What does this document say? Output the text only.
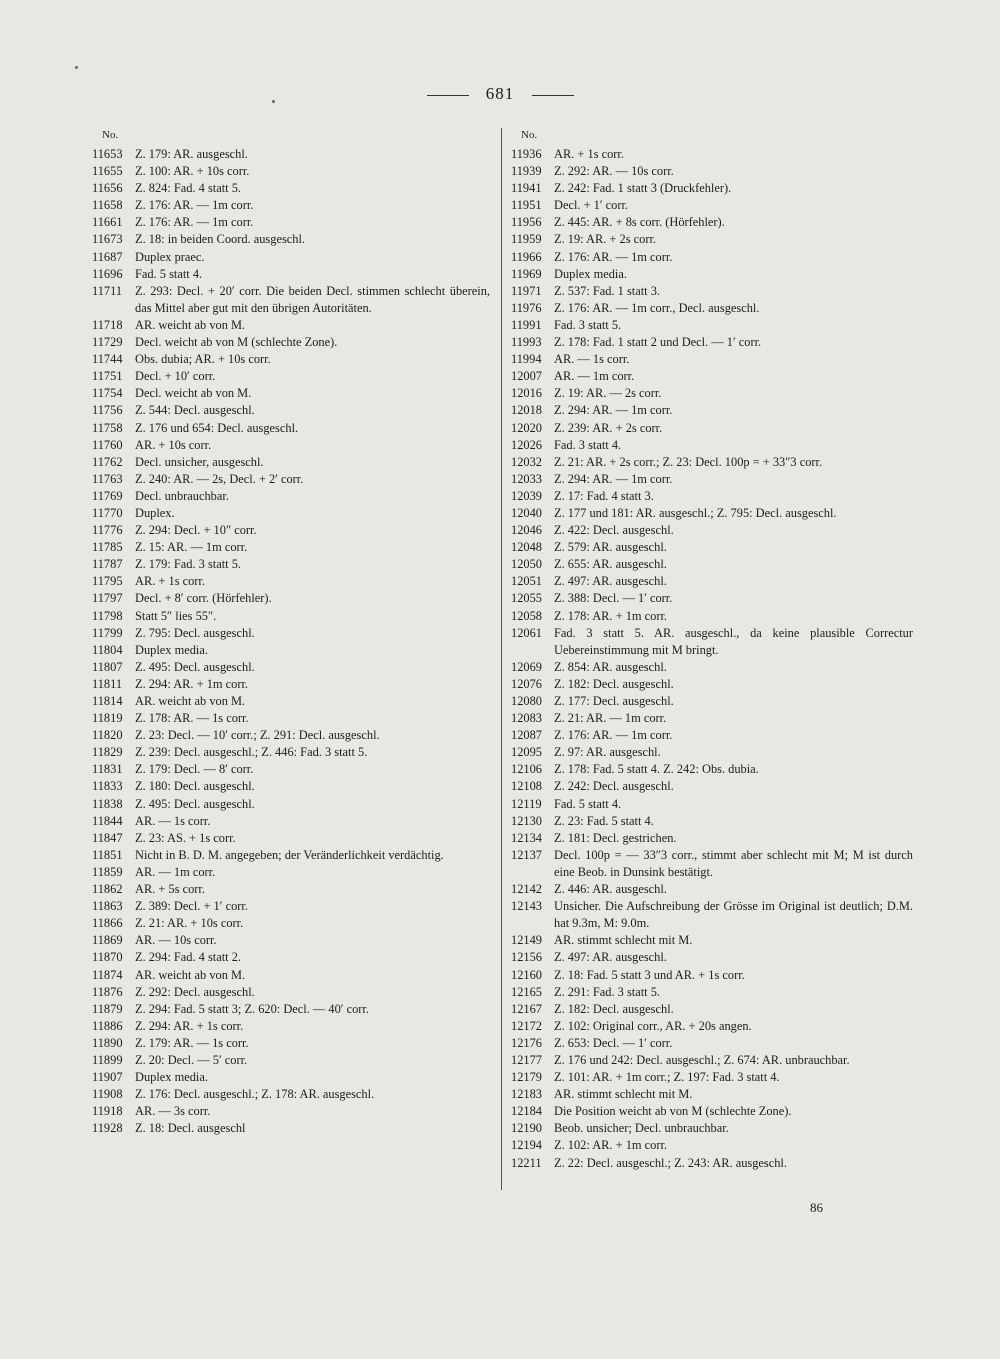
681
No.
11653	Z. 179: AR. ausgeschl.
11655	Z. 100: AR. + 10s corr.
11656	Z. 824: Fad. 4 statt 5.
11658	Z. 176: AR. — 1m corr.
11661	Z. 176: AR. — 1m corr.
11673	Z. 18: in beiden Coord. ausgeschl.
11687	Duplex praec.
11696	Fad. 5 statt 4.
11711	Z. 293: Decl. + 20′ corr. Die beiden Decl. stimmen schlecht überein, das Mittel aber gut mit den übrigen Autoritäten.
11718	AR. weicht ab von M.
11729	Decl. weicht ab von M (schlechte Zone).
11744	Obs. dubia; AR. + 10s corr.
11751	Decl. + 10′ corr.
11754	Decl. weicht ab von M.
11756	Z. 544: Decl. ausgeschl.
11758	Z. 176 und 654: Decl. ausgeschl.
11760	AR. + 10s corr.
11762	Decl. unsicher, ausgeschl.
11763	Z. 240: AR. — 2s, Decl. + 2′ corr.
11769	Decl. unbrauchbar.
11770	Duplex.
11776	Z. 294: Decl. + 10″ corr.
11785	Z. 15: AR. — 1m corr.
11787	Z. 179: Fad. 3 statt 5.
11795	AR. + 1s corr.
11797	Decl. + 8′ corr. (Hörfehler).
11798	Statt 5″ lies 55″.
11799	Z. 795: Decl. ausgeschl.
11804	Duplex media.
11807	Z. 495: Decl. ausgeschl.
11811	Z. 294: AR. + 1m corr.
11814	AR. weicht ab von M.
11819	Z. 178: AR. — 1s corr.
11820	Z. 23: Decl. — 10′ corr.; Z. 291: Decl. ausgeschl.
11829	Z. 239: Decl. ausgeschl.; Z. 446: Fad. 3 statt 5.
11831	Z. 179: Decl. — 8′ corr.
11833	Z. 180: Decl. ausgeschl.
11838	Z. 495: Decl. ausgeschl.
11844	AR. — 1s corr.
11847	Z. 23: AS. + 1s corr.
11851	Nicht in B. D. M. angegeben; der Veränderlichkeit verdächtig.
11859	AR. — 1m corr.
11862	AR. + 5s corr.
11863	Z. 389: Decl. + 1′ corr.
11866	Z. 21: AR. + 10s corr.
11869	AR. — 10s corr.
11870	Z. 294: Fad. 4 statt 2.
11874	AR. weicht ab von M.
11876	Z. 292: Decl. ausgeschl.
11879	Z. 294: Fad. 5 statt 3; Z. 620: Decl. — 40′ corr.
11886	Z. 294: AR. + 1s corr.
11890	Z. 179: AR. — 1s corr.
11899	Z. 20: Decl. — 5′ corr.
11907	Duplex media.
11908	Z. 176: Decl. ausgeschl.; Z. 178: AR. ausgeschl.
11918	AR. — 3s corr.
11928	Z. 18: Decl. ausgeschl
No.
11936	AR. + 1s corr.
11939	Z. 292: AR. — 10s corr.
11941	Z. 242: Fad. 1 statt 3 (Druckfehler).
11951	Decl. + 1′ corr.
11956	Z. 445: AR. + 8s corr. (Hörfehler).
11959	Z. 19: AR. + 2s corr.
11966	Z. 176: AR. — 1m corr.
11969	Duplex media.
11971	Z. 537: Fad. 1 statt 3.
11976	Z. 176: AR. — 1m corr., Decl. ausgeschl.
11991	Fad. 3 statt 5.
11993	Z. 178: Fad. 1 statt 2 und Decl. — 1′ corr.
11994	AR. — 1s corr.
12007 AR. — 1m corr.
12016 Z. 19: AR. — 2s corr.
12018 Z. 294: AR. — 1m corr.
12020 Z. 239: AR. + 2s corr.
12026 Fad. 3 statt 4.
12032 Z. 21: AR. + 2s corr.; Z. 23: Decl. 100p = + 33″3 corr.
12033 Z. 294: AR. — 1m corr.
12039 Z. 17: Fad. 4 statt 3.
12040 Z. 177 und 181: AR. ausgeschl.; Z. 795: Decl. ausgeschl.
12046 Z. 422: Decl. ausgeschl.
12048 Z. 579: AR. ausgeschl.
12050 Z. 655: AR. ausgeschl.
12051 Z. 497: AR. ausgeschl.
12055 Z. 388: Decl. — 1′ corr.
12058 Z. 178: AR. + 1m corr.
12061 Fad. 3 statt 5. AR. ausgeschl., da keine plausible Correctur Uebereinstimmung mit M bringt.
12069 Z. 854: AR. ausgeschl.
12076 Z. 182: Decl. ausgeschl.
12080 Z. 177: Decl. ausgeschl.
12083 Z. 21: AR. — 1m corr.
12087 Z. 176: AR. — 1m corr.
12095 Z. 97: AR. ausgeschl.
12106 Z. 178: Fad. 5 statt 4. Z. 242: Obs. dubia.
12108 Z. 242: Decl. ausgeschl.
12119	Fad. 5 statt 4.
12130 Z. 23: Fad. 5 statt 4.
12134 Z. 181: Decl. gestrichen.
12137 Decl. 100p = — 33″3 corr., stimmt aber schlecht mit M; M ist durch eine Beob. in Dunsink bestätigt.
12142 Z. 446: AR. ausgeschl.
12143 Unsicher. Die Aufschreibung der Grösse im Original ist deutlich; D.M. hat 9.3m, M: 9.0m.
12149 AR. stimmt schlecht mit M.
12156 Z. 497: AR. ausgeschl.
12160 Z. 18: Fad. 5 statt 3 und AR. + 1s corr.
12165 Z. 291: Fad. 3 statt 5.
12167 Z. 182: Decl. ausgeschl.
12172 Z. 102: Original corr., AR. + 20s angen.
12176 Z. 653: Decl. — 1′ corr.
12177 Z. 176 und 242: Decl. ausgeschl.; Z. 674: AR. unbrauchbar.
12179 Z. 101: AR. + 1m corr.; Z. 197: Fad. 3 statt 4.
12183 AR. stimmt schlecht mit M.
12184 Die Position weicht ab von M (schlechte Zone).
12190 Beob. unsicher; Decl. unbrauchbar.
12194 Z. 102: AR. + 1m corr.
12211	Z. 22: Decl. ausgeschl.; Z. 243: AR. ausgeschl.
86
